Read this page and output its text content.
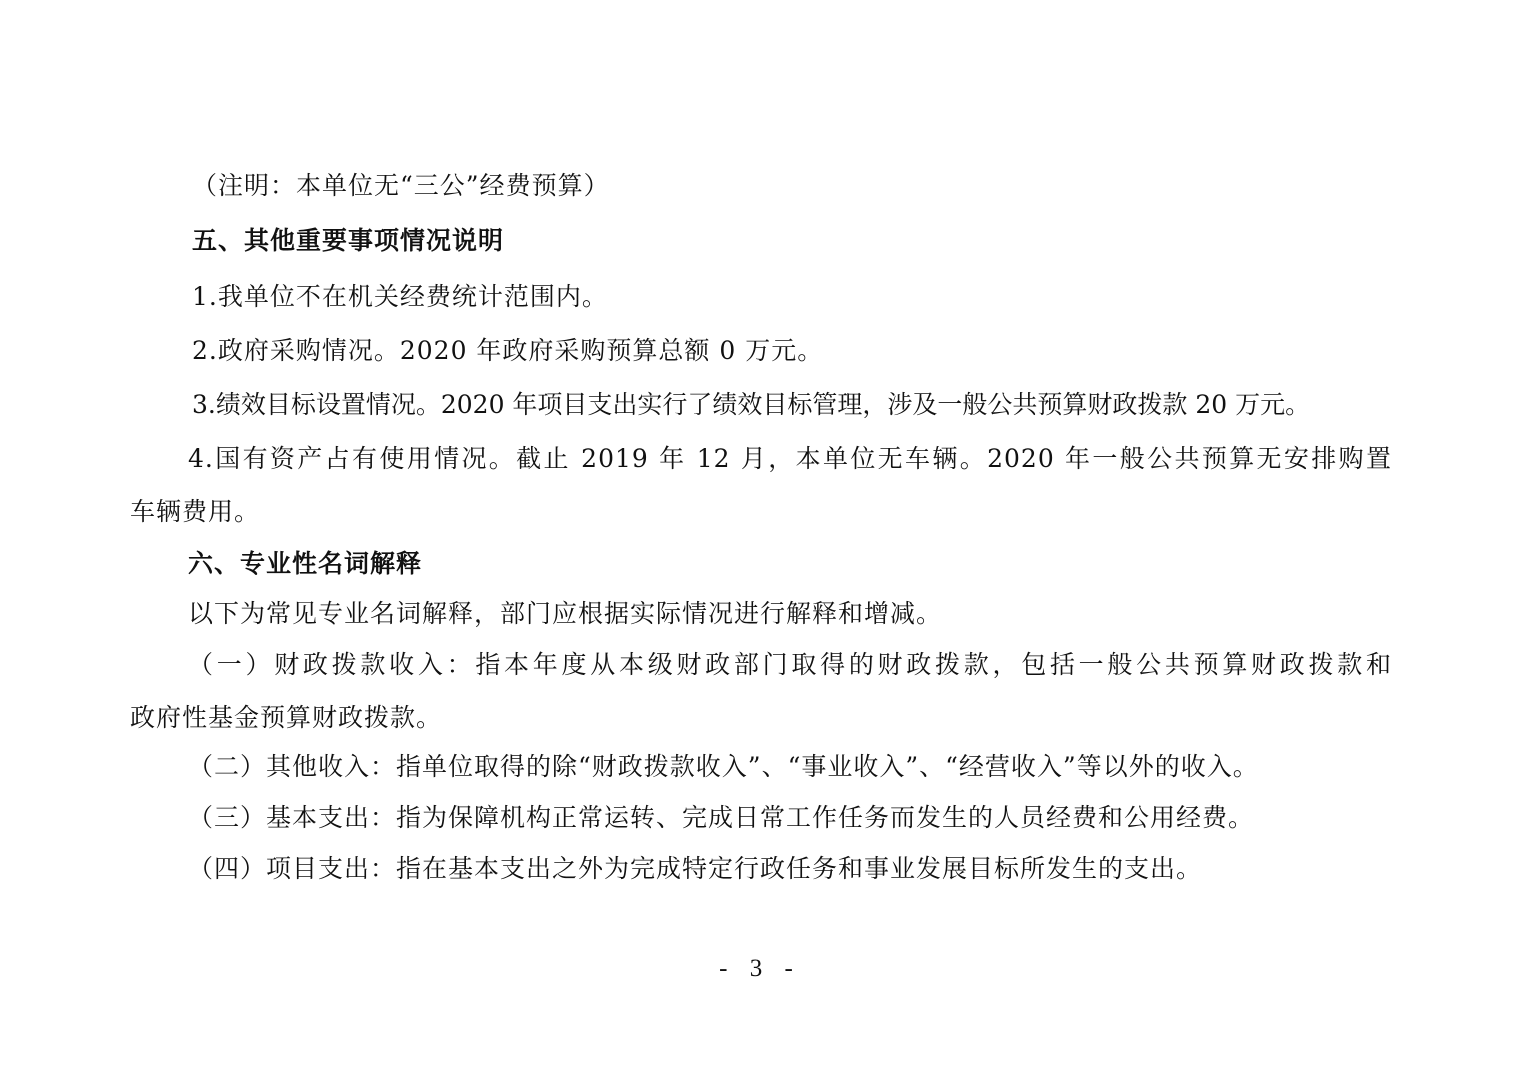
（注明：本单位无“三公”经费预算）
五、其他重要事项情况说明
1.我单位不在机关经费统计范围内。
2.政府采购情况。2020 年政府采购预算总额 0 万元。
3.绩效目标设置情况。2020 年项目支出实行了绩效目标管理，涉及一般公共预算财政拨款 20 万元。
4.国有资产占有使用情况。截止 2019 年 12 月，本单位无车辆。2020 年一般公共预算无安排购置
车辆费用。
六、专业性名词解释
以下为常见专业名词解释，部门应根据实际情况进行解释和增减。
（一）财政拨款收入：指本年度从本级财政部门取得的财政拨款，包括一般公共预算财政拨款和
政府性基金预算财政拨款。
（二）其他收入：指单位取得的除“财政拨款收入”、“事业收入”、“经营收入”等以外的收入。
（三）基本支出：指为保障机构正常运转、完成日常工作任务而发生的人员经费和公用经费。
（四）项目支出：指在基本支出之外为完成特定行政任务和事业发展目标所发生的支出。
- 3 -
